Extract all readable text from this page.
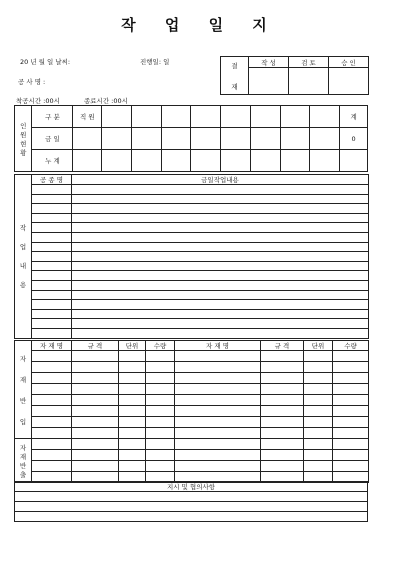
작 업 일 지
20 년 월 일 날씨:	진행일: 일
공 사 명 :
착공시간 :00시	종료시간 :00시
결
재	작 성	검 토	승 인

인
원
현
황	구 분	직 원									계
	금 일										0
	누 계										
작
업
내
용	공 종 명	금일작업내용

자
재
반
입	자 재 명	규 격	단위	수량	자 재 명	규 격	단위	수량

자
재
반
출								

지시 및 협의사항
